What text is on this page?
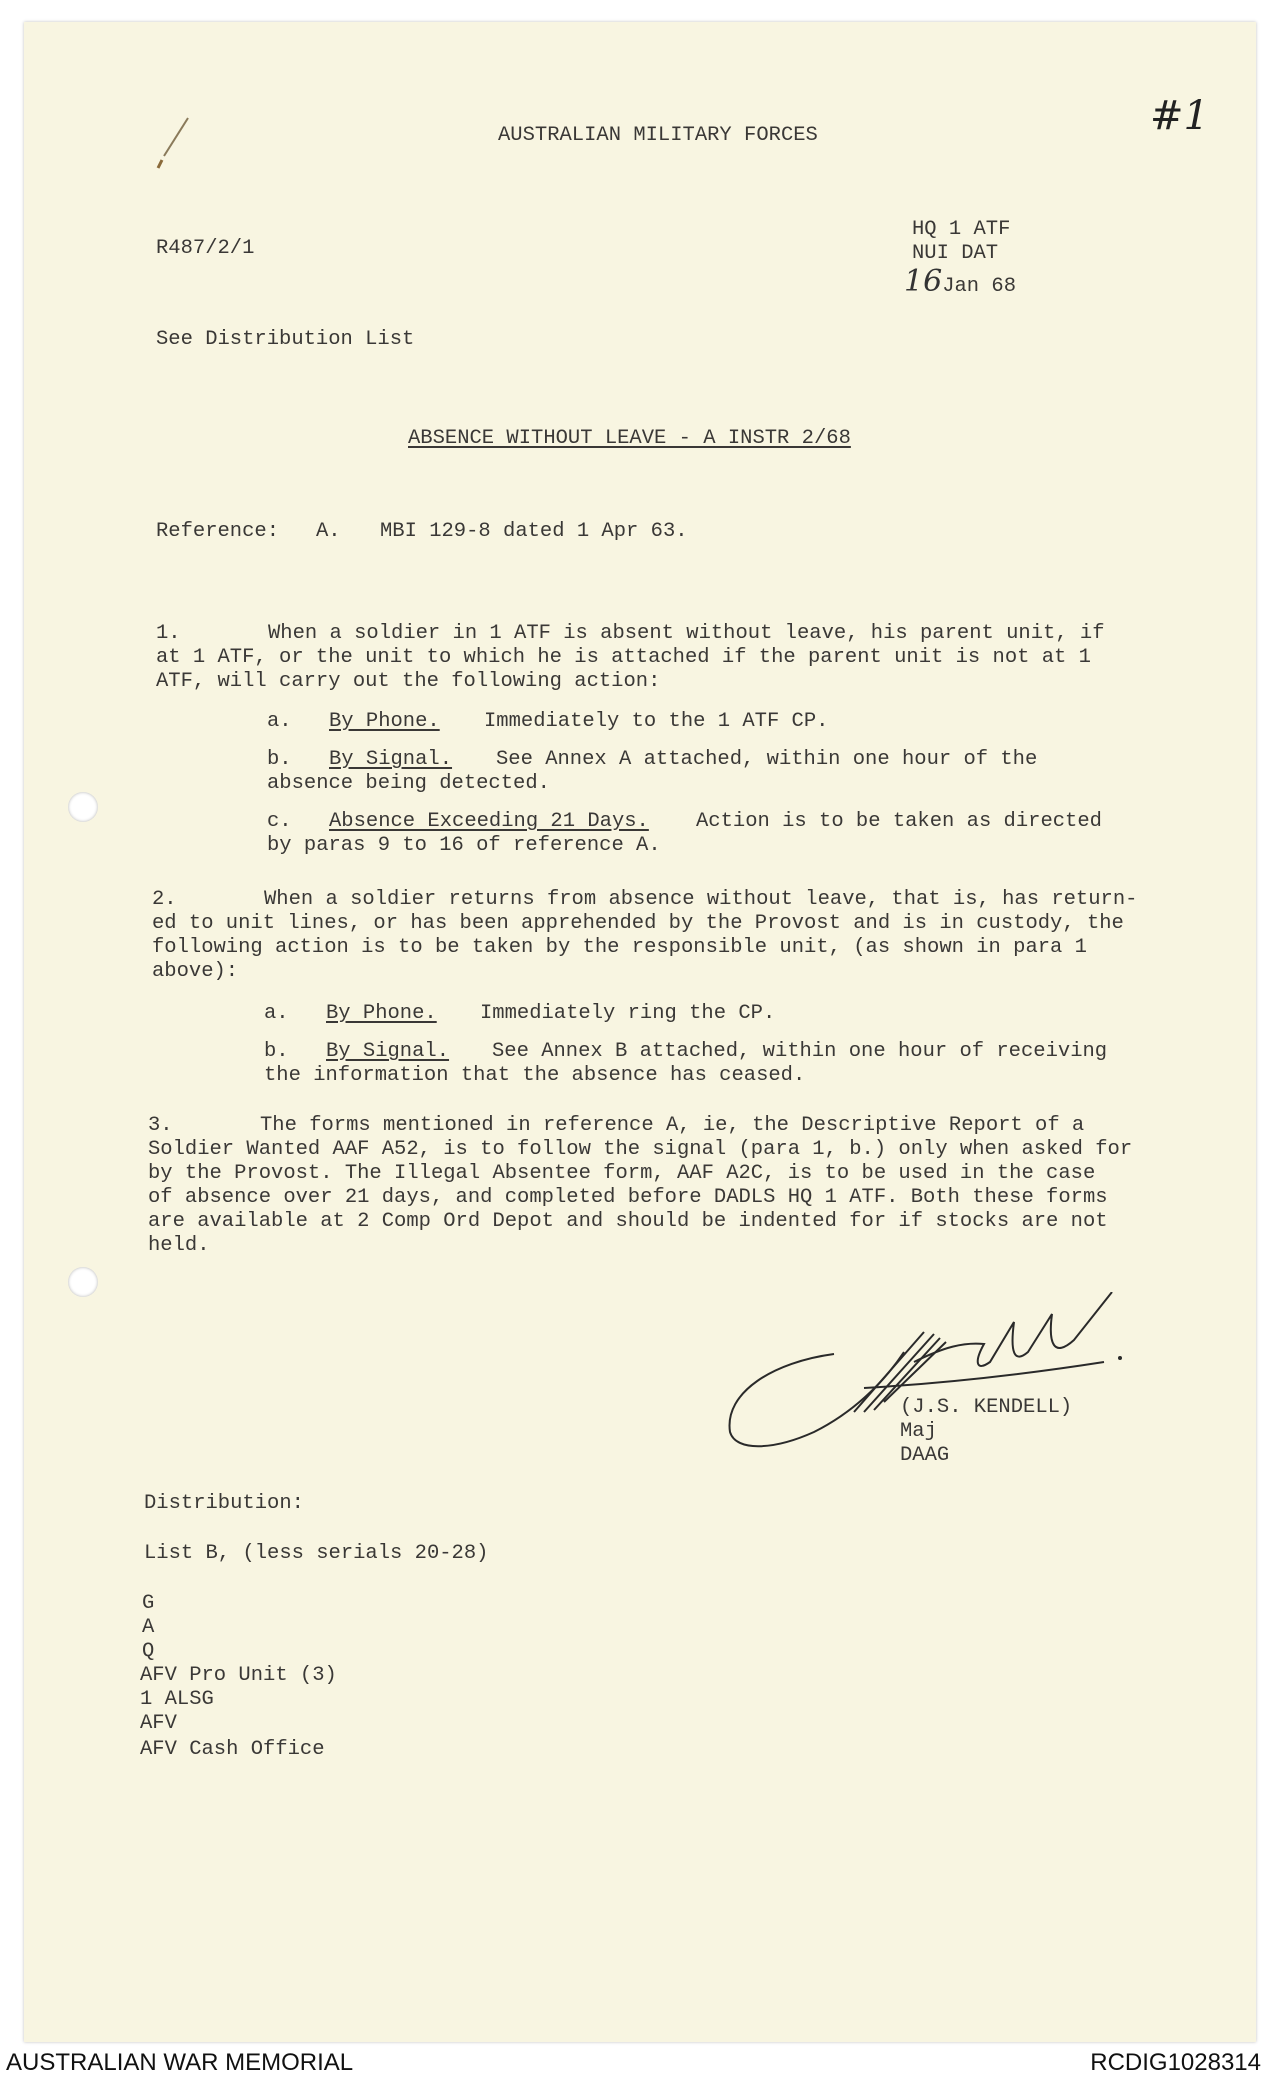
AUSTRALIAN MILITARY FORCES	#1
R487/2/1
HQ 1 ATF
NUI DAT
16Jan 68
See Distribution List
ABSENCE WITHOUT LEAVE - A INSTR 2/68
Reference: A. MBI 129-8 dated 1 Apr 63.
1.	When a soldier in 1 ATF is absent without leave, his parent unit, if
at 1 ATF, or the unit to which he is attached if the parent unit is not at 1
ATF, will carry out the following action:
a. By Phone. Immediately to the 1 ATF CP.
b. By Signal. See Annex A attached, within one hour of the
absence being detected.
c. Absence Exceeding 21 Days. Action is to be taken as directed
by paras 9 to 16 of reference A.
2.	When a soldier returns from absence without leave, that is, has return-
ed to unit lines, or has been apprehended by the Provost and is in custody, the
following action is to be taken by the responsible unit, (as shown in para 1
above):
a. By Phone. Immediately ring the CP.
b. By Signal. See Annex B attached, within one hour of receiving
the information that the absence has ceased.
3.	The forms mentioned in reference A, ie, the Descriptive Report of a
Soldier Wanted AAF A52, is to follow the signal (para 1, b.) only when asked for
by the Provost. The Illegal Absentee form, AAF A2C, is to be used in the case
of absence over 21 days, and completed before DADLS HQ 1 ATF. Both these forms
are available at 2 Comp Ord Depot and should be indented for if stocks are not
held.
(J.S. KENDELL)
Maj
DAAG
Distribution:
List B, (less serials 20-28)
G
A
Q
AFV Pro Unit (3)
1 ALSG
AFV
AFV Cash Office
AUSTRALIAN WAR MEMORIAL	RCDIG1028314
